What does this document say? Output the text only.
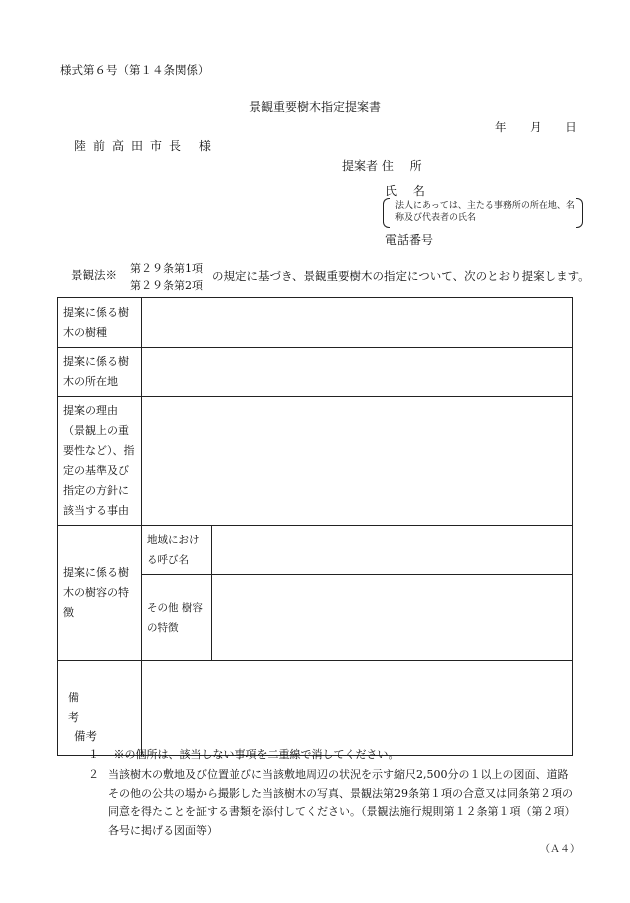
様式第６号（第１４条関係）
景観重要樹木指定提案書
年 月 日
陸前高田市長 様
提案者 住　 所
氏　 名
法人にあっては、主たる事務所の所在地、名称及び代表者の氏名
電話番号
景観法※ 第２９条第1項
第２９条第2項
の規定に基づき、景観重要樹木の指定について、次のとおり提案します。
提案に係る樹木の樹種		
提案に係る樹木の所在地		
提案の理由（景観上の重要性など）、指定の基準及び指定の方針に該当する事由		
提案に係る樹木の樹容の特徴	地域における呼び名	
	その他 樹容の特徴	
備 考		
備考
１　 ※の個所は、該当しない事項を二重線で消してください。
２ 当該樹木の敷地及び位置並びに当該敷地周辺の状況を示す縮尺2,500分の１以上の図面、道路その他の公共の場から撮影した当該樹木の写真、景観法第29条第１項の合意又は同条第２項の同意を得たことを証する書類を添付してください。（景観法施行規則第１２条第１項（第２項）各号に掲げる図面等）
（Ａ４）
